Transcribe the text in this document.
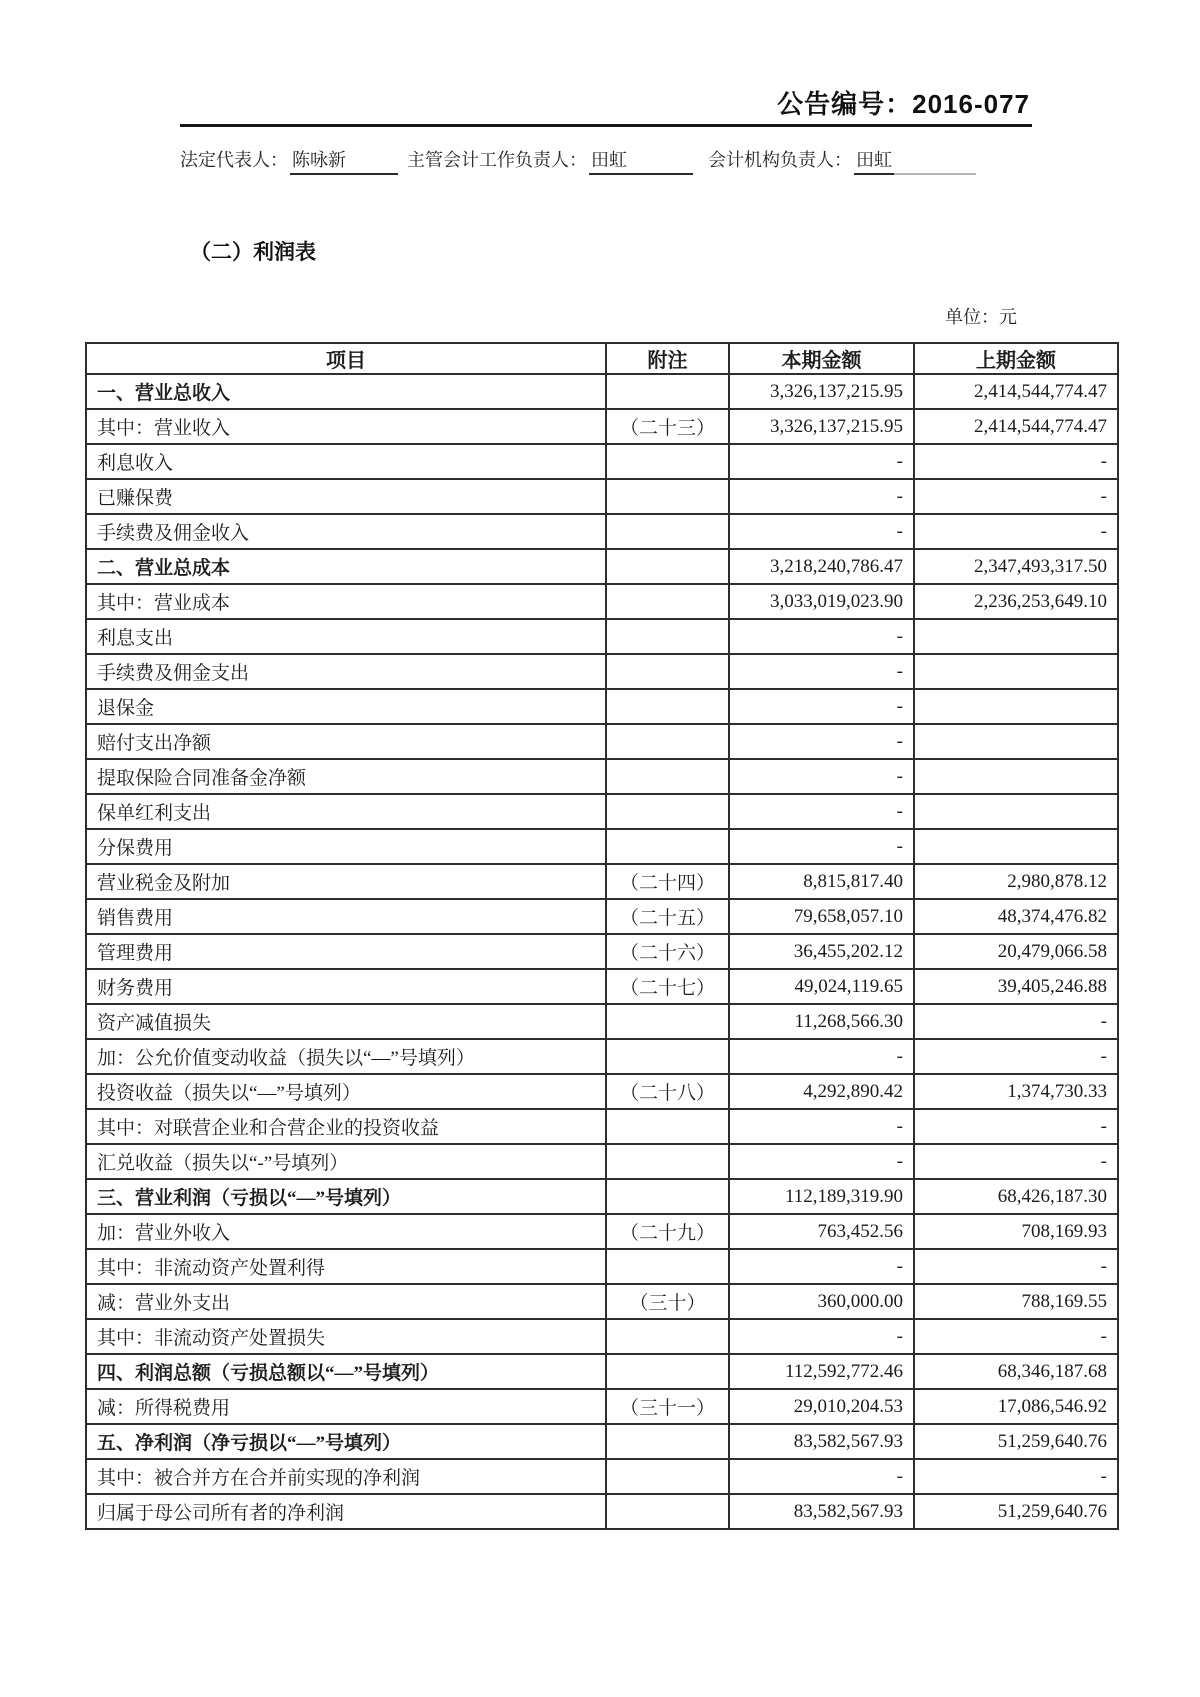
公告编号：2016-077
法定代表人： 陈咏新	主管会计工作负责人： 田虹	会计机构负责人： 田虹
（二）利润表
单位：元
项目	附注	本期金额	上期金额
一、营业总收入		3,326,137,215.95	2,414,544,774.47
其中：营业收入	（二十三）	3,326,137,215.95	2,414,544,774.47
利息收入		-	-
已赚保费		-	-
手续费及佣金收入		-	-
二、营业总成本		3,218,240,786.47	2,347,493,317.50
其中：营业成本		3,033,019,023.90	2,236,253,649.10
利息支出		-	
手续费及佣金支出		-	
退保金		-	
赔付支出净额		-	
提取保险合同准备金净额		-	
保单红利支出		-	
分保费用		-	
营业税金及附加	（二十四）	8,815,817.40	2,980,878.12
销售费用	（二十五）	79,658,057.10	48,374,476.82
管理费用	（二十六）	36,455,202.12	20,479,066.58
财务费用	（二十七）	49,024,119.65	39,405,246.88
资产减值损失		11,268,566.30	-
加：公允价值变动收益（损失以“—”号填列）		-	-
投资收益（损失以“—”号填列）	（二十八）	4,292,890.42	1,374,730.33
其中：对联营企业和合营企业的投资收益		-	-
汇兑收益（损失以“-”号填列）		-	-
三、营业利润（亏损以“—”号填列）		112,189,319.90	68,426,187.30
加：营业外收入	（二十九）	763,452.56	708,169.93
其中：非流动资产处置利得		-	-
减：营业外支出	（三十）	360,000.00	788,169.55
其中：非流动资产处置损失		-	-
四、利润总额（亏损总额以“—”号填列）		112,592,772.46	68,346,187.68
减：所得税费用	（三十一）	29,010,204.53	17,086,546.92
五、净利润（净亏损以“—”号填列）		83,582,567.93	51,259,640.76
其中：被合并方在合并前实现的净利润		-	-
归属于母公司所有者的净利润		83,582,567.93	51,259,640.76
